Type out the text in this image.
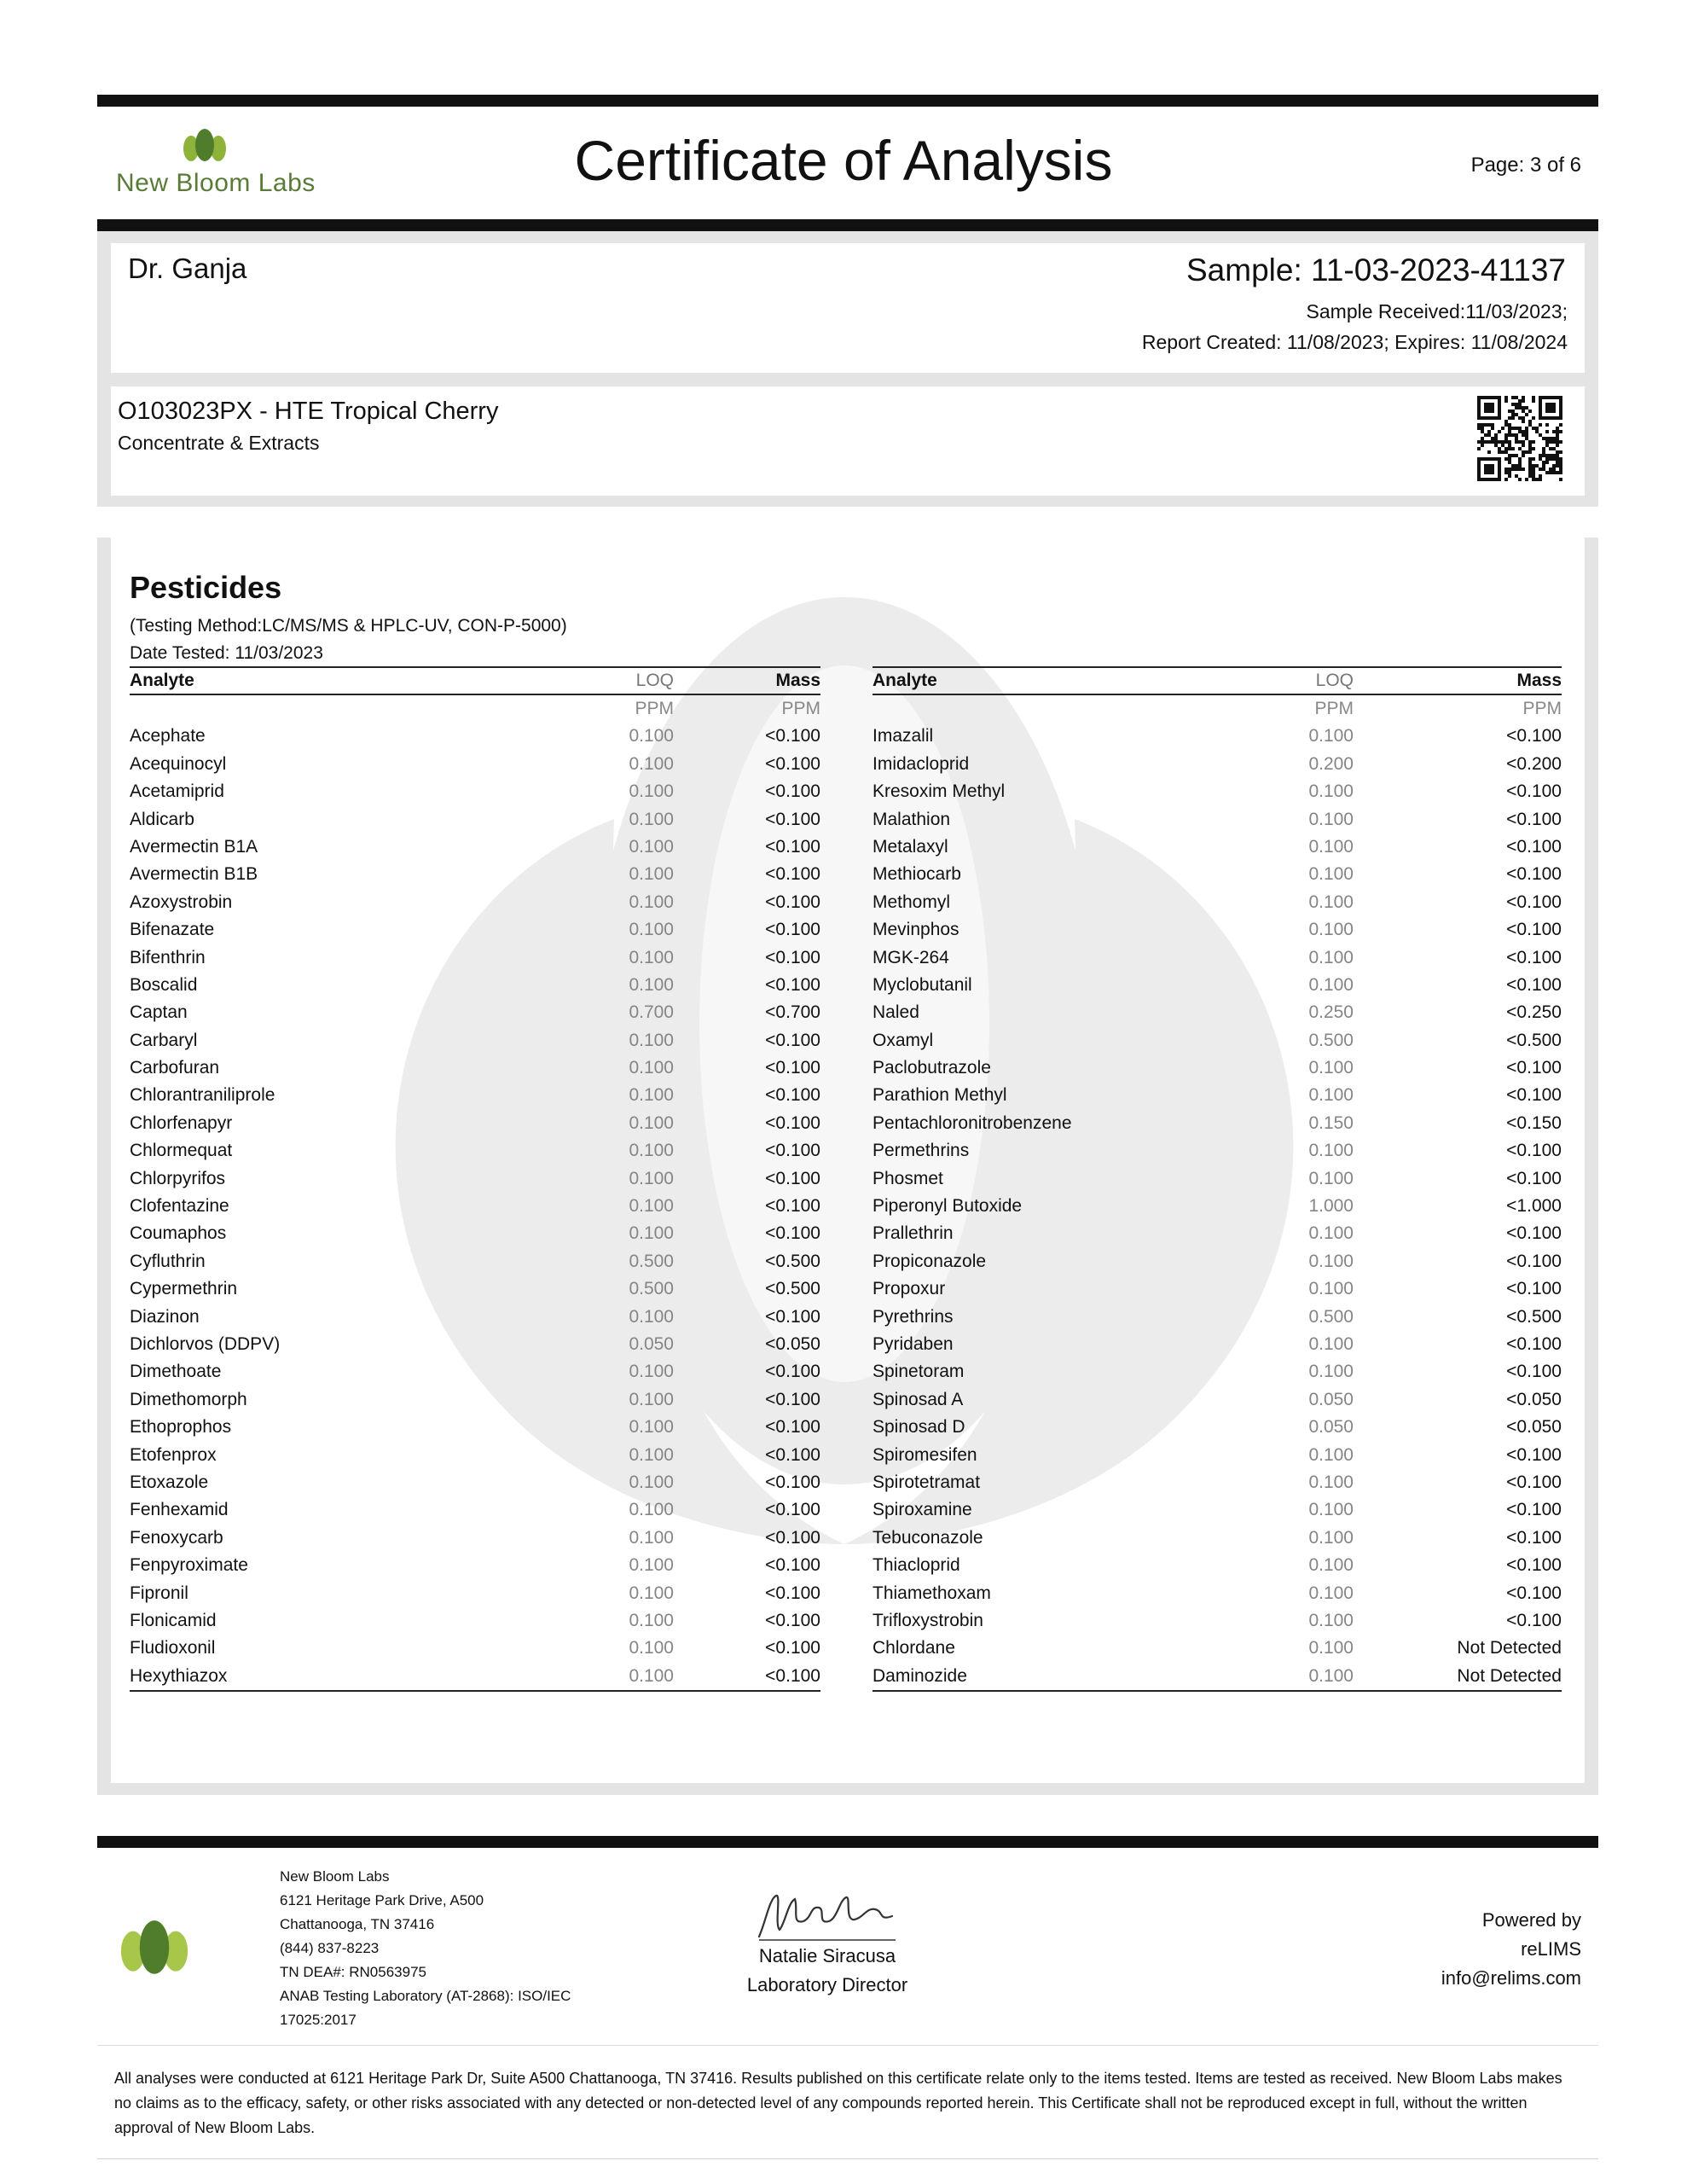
New Bloom Labs	Certificate of Analysis	Page: 3 of 6
Dr. Ganja	Sample: 11-03-2023-41137
Sample Received:11/03/2023;
Report Created: 11/08/2023; Expires: 11/08/2024
O103023PX - HTE Tropical Cherry
Concentrate & Extracts
Pesticides
(Testing Method:LC/MS/MS & HPLC-UV, CON-P-5000)
Date Tested: 11/03/2023
Analyte	LOQ	Mass
PPM	PPM
Acephate	0.100	<0.100
Acequinocyl	0.100	<0.100
Acetamiprid	0.100	<0.100
Aldicarb	0.100	<0.100
Avermectin B1A	0.100	<0.100
Avermectin B1B	0.100	<0.100
Azoxystrobin	0.100	<0.100
Bifenazate	0.100	<0.100
Bifenthrin	0.100	<0.100
Boscalid	0.100	<0.100
Captan	0.700	<0.700
Carbaryl	0.100	<0.100
Carbofuran	0.100	<0.100
Chlorantraniliprole	0.100	<0.100
Chlorfenapyr	0.100	<0.100
Chlormequat	0.100	<0.100
Chlorpyrifos	0.100	<0.100
Clofentazine	0.100	<0.100
Coumaphos	0.100	<0.100
Cyfluthrin	0.500	<0.500
Cypermethrin	0.500	<0.500
Diazinon	0.100	<0.100
Dichlorvos (DDPV)	0.050	<0.050
Dimethoate	0.100	<0.100
Dimethomorph	0.100	<0.100
Ethoprophos	0.100	<0.100
Etofenprox	0.100	<0.100
Etoxazole	0.100	<0.100
Fenhexamid	0.100	<0.100
Fenoxycarb	0.100	<0.100
Fenpyroximate	0.100	<0.100
Fipronil	0.100	<0.100
Flonicamid	0.100	<0.100
Fludioxonil	0.100	<0.100
Hexythiazox	0.100	<0.100
Analyte	LOQ	Mass
PPM	PPM
Imazalil	0.100	<0.100
Imidacloprid	0.200	<0.200
Kresoxim Methyl	0.100	<0.100
Malathion	0.100	<0.100
Metalaxyl	0.100	<0.100
Methiocarb	0.100	<0.100
Methomyl	0.100	<0.100
Mevinphos	0.100	<0.100
MGK-264	0.100	<0.100
Myclobutanil	0.100	<0.100
Naled	0.250	<0.250
Oxamyl	0.500	<0.500
Paclobutrazole	0.100	<0.100
Parathion Methyl	0.100	<0.100
Pentachloronitrobenzene	0.150	<0.150
Permethrins	0.100	<0.100
Phosmet	0.100	<0.100
Piperonyl Butoxide	1.000	<1.000
Prallethrin	0.100	<0.100
Propiconazole	0.100	<0.100
Propoxur	0.100	<0.100
Pyrethrins	0.500	<0.500
Pyridaben	0.100	<0.100
Spinetoram	0.100	<0.100
Spinosad A	0.050	<0.050
Spinosad D	0.050	<0.050
Spiromesifen	0.100	<0.100
Spirotetramat	0.100	<0.100
Spiroxamine	0.100	<0.100
Tebuconazole	0.100	<0.100
Thiacloprid	0.100	<0.100
Thiamethoxam	0.100	<0.100
Trifloxystrobin	0.100	<0.100
Chlordane	0.100	Not Detected
Daminozide	0.100	Not Detected
New Bloom Labs
6121 Heritage Park Drive, A500
Chattanooga, TN 37416
(844) 837-8223
TN DEA#: RN0563975
ANAB Testing Laboratory (AT-2868): ISO/IEC
17025:2017
Natalie Siracusa
Laboratory Director
Powered by
reLIMS
info@relims.com
All analyses were conducted at 6121 Heritage Park Dr, Suite A500 Chattanooga, TN 37416. Results published on this certificate relate only to the items tested. Items are tested as received. New Bloom Labs makes no claims as to the efficacy, safety, or other risks associated with any detected or non-detected level of any compounds reported herein. This Certificate shall not be reproduced except in full, without the written approval of New Bloom Labs.
